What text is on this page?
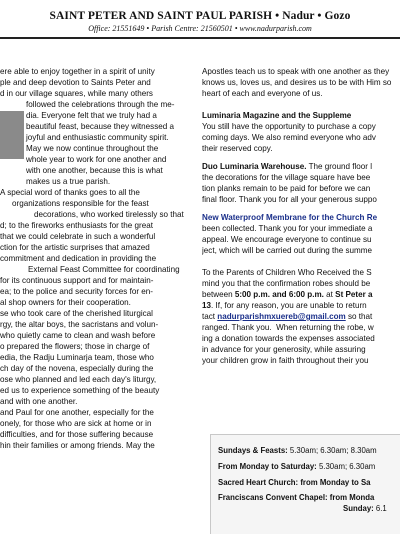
SAINT PETER AND SAINT PAUL PARISH • Nadur • Gozo
Office: 21551649 • Parish Centre: 21560501 • www.nadurparish.com
ere able to enjoy together in a spirit of unity
ple and deep devotion to Saints Peter and
d in our village squares, while many others
followed the celebrations through the me-
dia. Everyone felt that we truly had a
beautiful feast, because they witnessed a
joyful and enthusiastic community spirit.
May we now continue throughout the
whole year to work for one another and
with one another, because this is what
makes us a true parish.
A special word of thanks goes to all the
organizations responsible for the feast
decorations, who worked tirelessly so that
d; to the fireworks enthusiasts for the great
that we could celebrate in such a wonderful
ction for the artistic surprises that amazed
commitment and dedication in providing the
External Feast Committee for coordinating
for its continuous support and for maintain-
ea; to the police and security forces for en-
al shop owners for their cooperation.
se who took care of the cherished liturgical
rgy, the altar boys, the sacristans and volun-
who quietly came to clean and wash before
o prepared the flowers; those in charge of
edia, the Radju Luminarja team, those who
ch day of the novena, especially during the
ose who planned and led each day's liturgy,
ed us to experience something of the beauty
and with one another.
and Paul for one another, especially for the
onely, for those who are sick at home or in
difficulties, and for those suffering because
hin their families or among friends. May the
Apostles teach us to speak with one another as they
knows us, loves us, and desires us to be with Him so
heart of each and everyone of us.
Luminaria Magazine and the Suppleme
You still have the opportunity to purchase a copy
coming days. We also remind everyone who adv
their reserved copy.
Duo Luminaria Warehouse. The ground floor l
the decorations for the village square have bee
tion planks remain to be paid for before we can
final floor. Thank you for all your generous suppo
New Waterproof Membrane for the Church Re
been collected. Thank you for your immediate a
appeal. We encourage everyone to continue su
ject, which will be carried out during the summe
To the Parents of Children Who Received the S
mind you that the confirmation robes should be
between 5:00 p.m. and 6:00 p.m. at St Peter a
13. If, for any reason, you are unable to return
tact nadurparishmxuereb@gmail.com so that
ranged. Thank you.  When returning the robe, w
ing a donation towards the expenses associated
in advance for your generosity, while assuring
your children grow in faith throughout their you
Sundays & Feasts: 5.30am; 6.30am; 8.30am
From Monday to Saturday: 5.30am; 6.30am
Sacred Heart Church: from Monday to Sa
Franciscans Convent Chapel: from Monda
Sunday: 6.1
